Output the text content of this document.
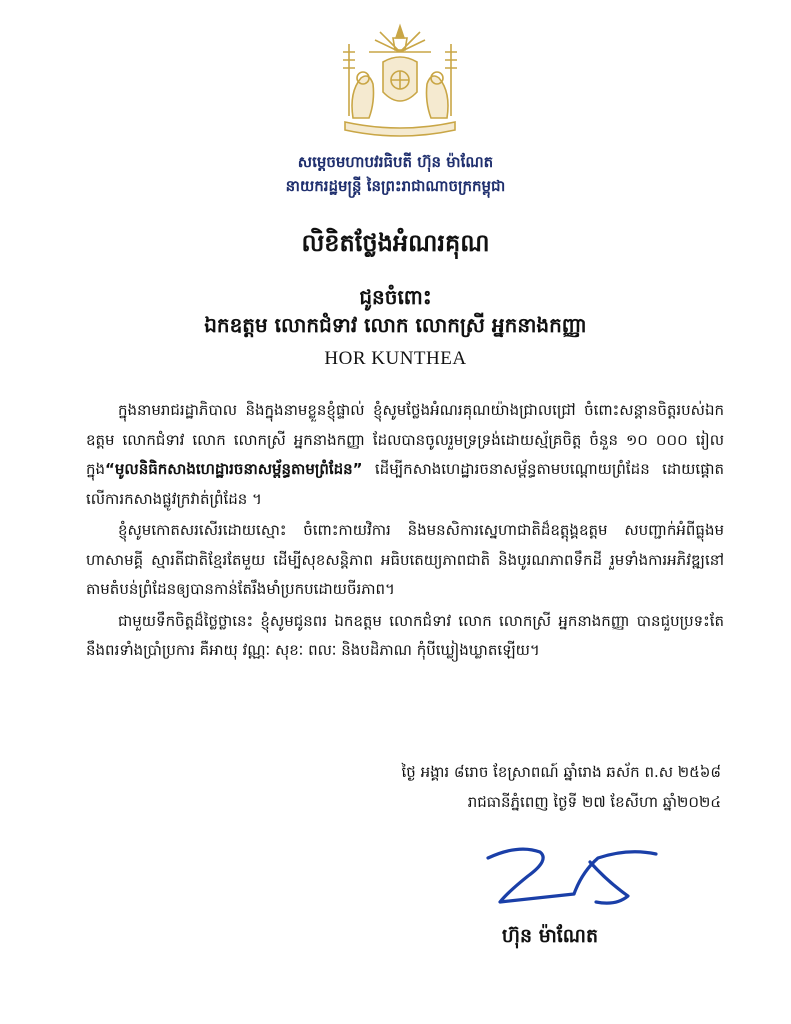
សម្តេចមហាបវរធិបតី ហ៊ុន ម៉ាណែត
នាយករដ្ឋមន្ត្រី នៃព្រះរាជាណាចក្រកម្ពុជា
លិខិតថ្លែងអំណរគុណ
ជូនចំពោះ
ឯកឧត្តម លោកជំទាវ លោក លោកស្រី អ្នកនាងកញ្ញា
HOR KUNTHEA

ក្នុងនាមរាជរដ្ឋាភិបាល និងក្នុងនាមខ្លួនខ្ញុំផ្ទាល់ ខ្ញុំសូមថ្លែងអំណរគុណយ៉ាងជ្រាលជ្រៅ ចំពោះសន្តានចិត្តរបស់ឯកឧត្តម លោកជំទាវ លោក លោកស្រី អ្នកនាងកញ្ញា ដែលបានចូលរួមទ្រទ្រង់ដោយស្ម័គ្រចិត្ត ចំនួន ១០ ០០០ រៀលក្នុង“មូលនិធិកសាងហេដ្ឋារចនាសម្ព័ន្ធតាមព្រំដែន” ដើម្បីកសាងហេដ្ឋារចនាសម្ព័ន្ធតាមបណ្តោយព្រំដែន ដោយផ្តោតលើការកសាងផ្លូវក្រវាត់ព្រំដែន ។

ខ្ញុំសូមកោតសរសើរដោយស្មោះ ចំពោះកាយវិការ និងមនសិការស្នេហាជាតិដ៏ឧត្តុង្គឧត្តម សបញ្ជាក់អំពីធ្លុងមហាសាមគ្គី ស្មារតីជាតិខ្មែរតែមួយ ដើម្បីសុខសន្តិភាព អធិបតេយ្យភាពជាតិ និងបូរណភាពទឹកដី រួមទាំងការអភិវឌ្ឍនៅតាមតំបន់ព្រំដែនឲ្យបានកាន់តែរឹងមាំប្រកបដោយចីរភាព។

ជាមួយទឹកចិត្តដ៏ថ្លៃថ្លានេះ ខ្ញុំសូមជូនពរ ឯកឧត្តម លោកជំទាវ លោក លោកស្រី អ្នកនាងកញ្ញា បានជួបប្រទះតែនឹងពរទាំងប្រាំប្រការ គឺអាយុ វណ្ណៈ សុខៈ ពលៈ និងបដិភាណ កុំបីឃ្លៀងឃ្លាតឡើយ។

ថ្ងៃ អង្គារ ៨រោច ខែស្រាពណ៍ ឆ្នាំរោង ឆស័ក ព.ស ២៥៦៨
រាជធានីភ្នំពេញ ថ្ងៃទី ២៧ ខែសីហា ឆ្នាំ២០២៤
ហ៊ុន ម៉ាណែត
